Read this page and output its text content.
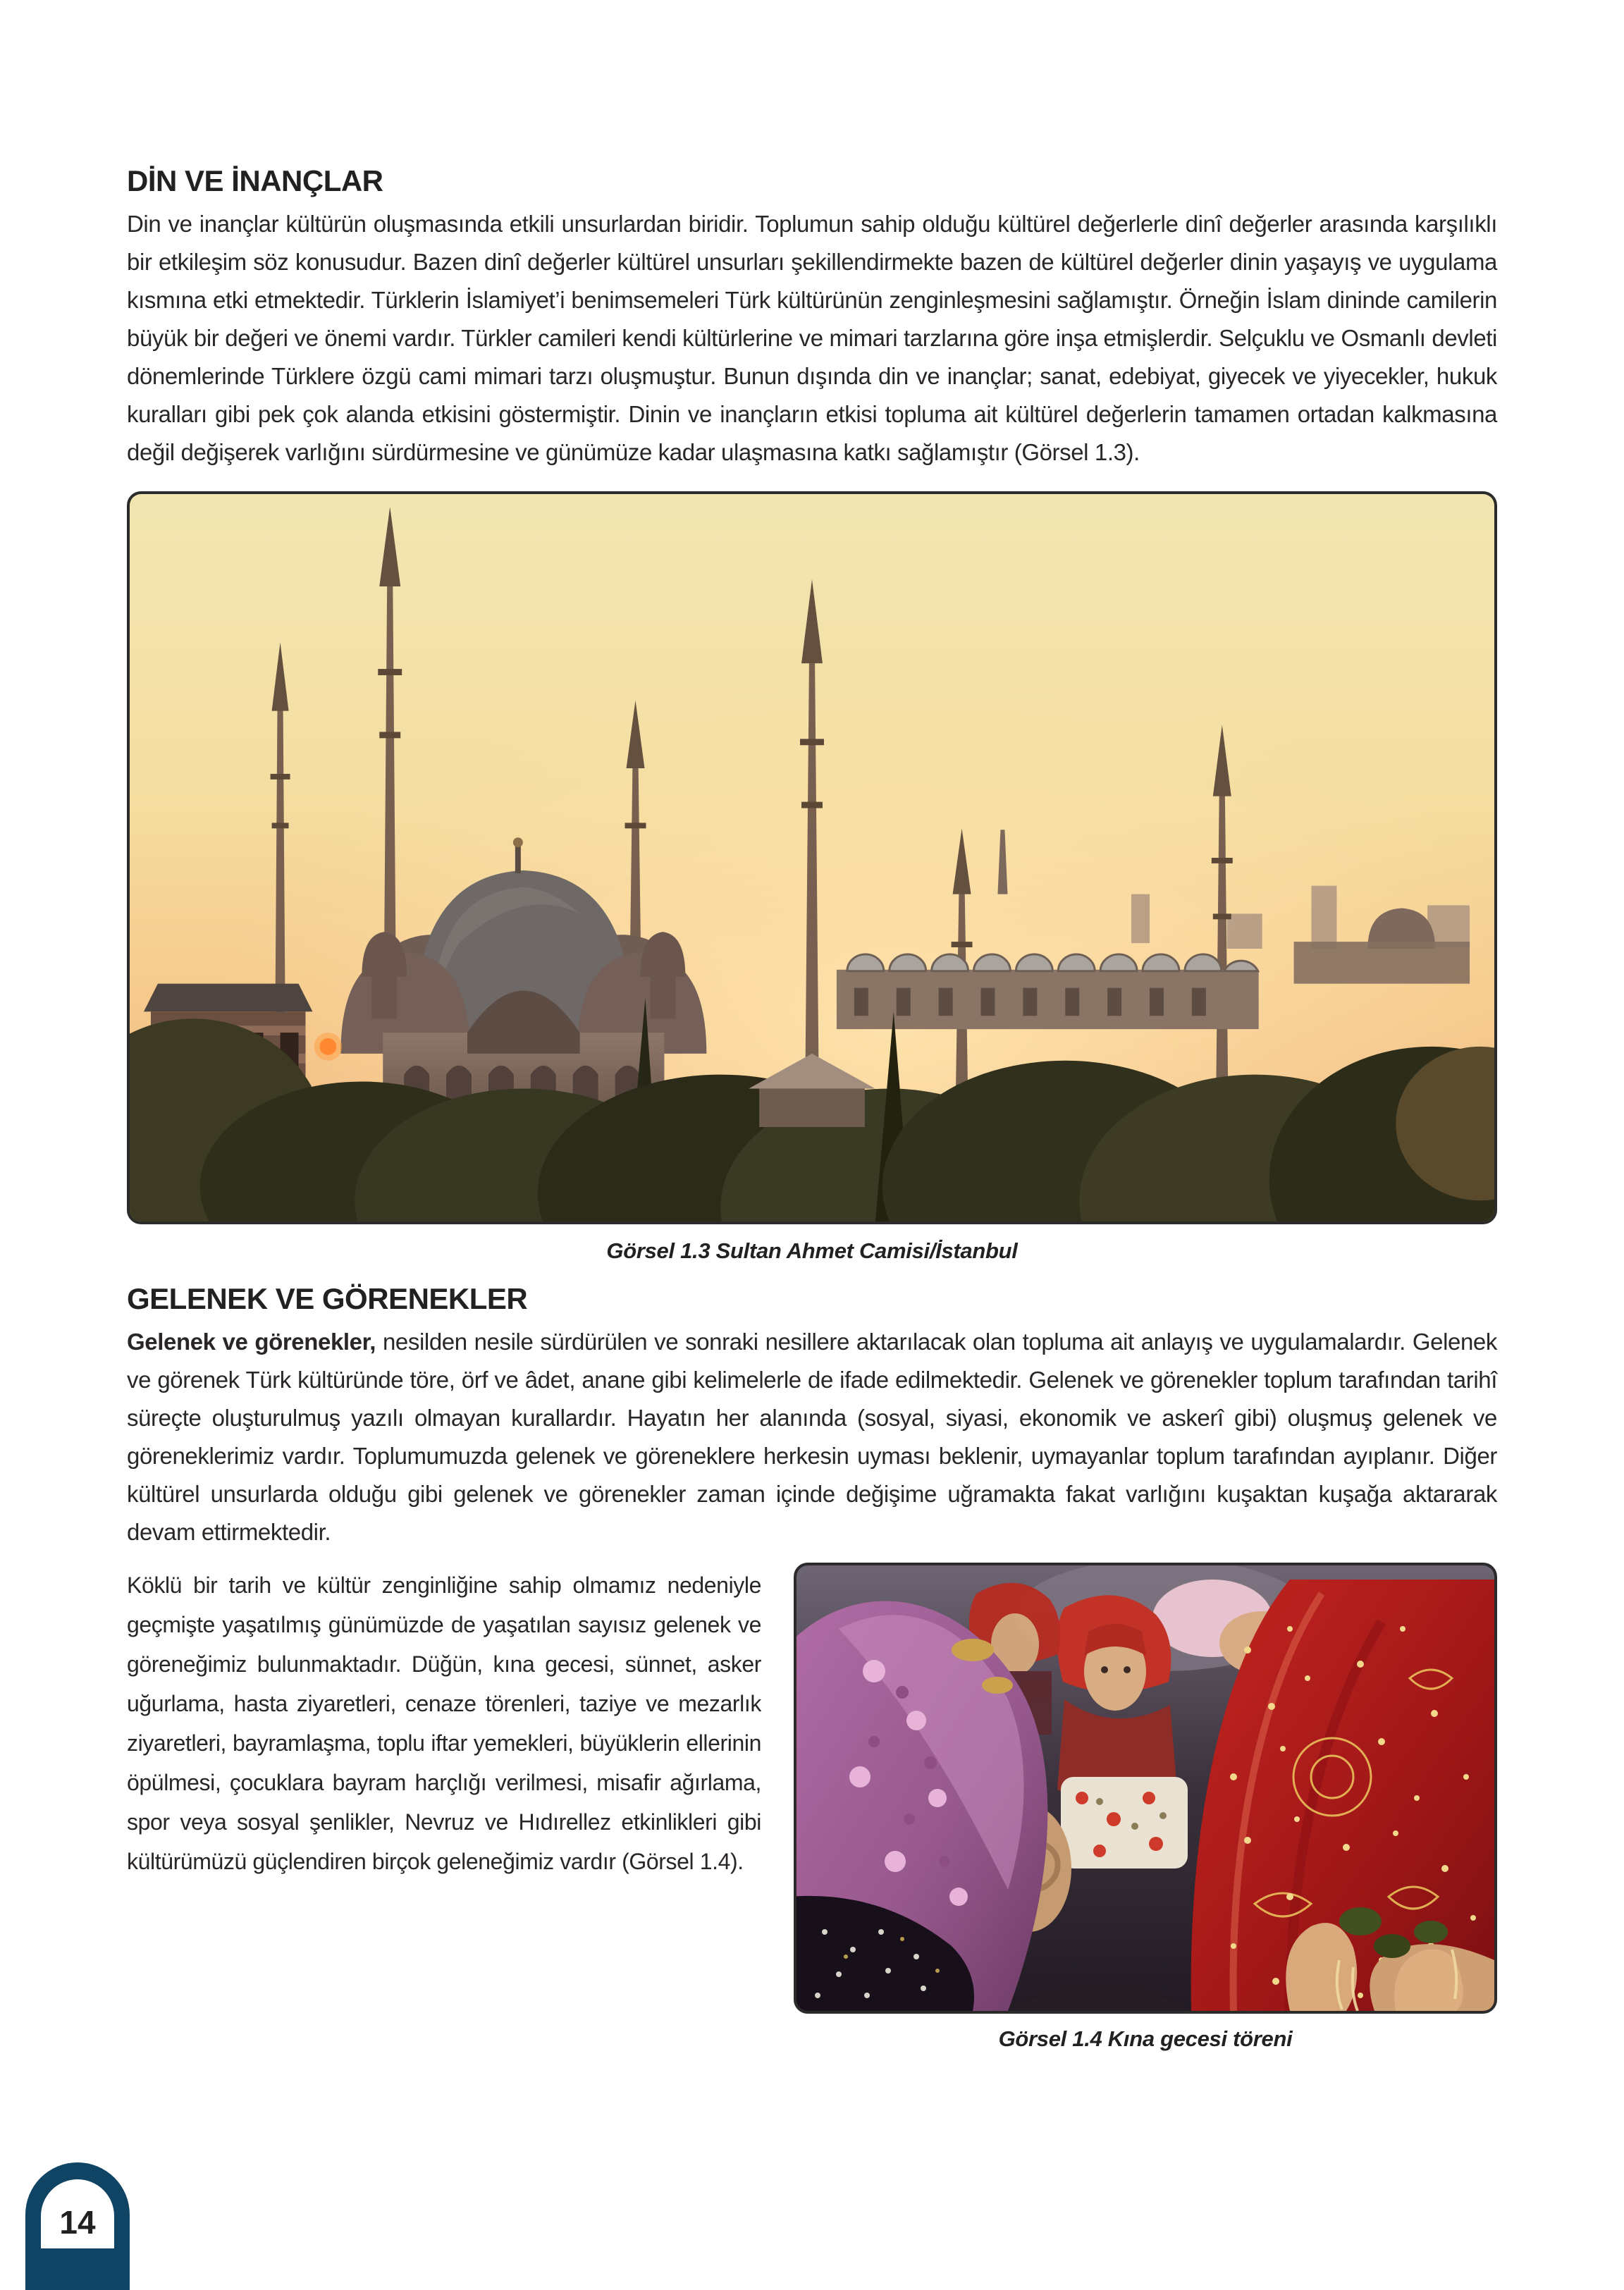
DİN VE İNANÇLAR

Din ve inançlar kültürün oluşmasında etkili unsurlardan biridir. Toplumun sahip olduğu kültürel değerlerle dinî değerler arasında karşılıklı bir etkileşim söz konusudur. Bazen dinî değerler kültürel unsurları şekillendirmekte bazen de kültürel değerler dinin yaşayış ve uygulama kısmına etki etmektedir. Türklerin İslamiyet’i benimsemeleri Türk kültürünün zenginleşmesini sağlamıştır. Örneğin İslam dininde camilerin büyük bir değeri ve önemi vardır. Türkler camileri kendi kültürlerine ve mimari tarzlarına göre inşa etmişlerdir. Selçuklu ve Osmanlı devleti dönemlerinde Türklere özgü cami mimari tarzı oluşmuştur. Bunun dışında din ve inançlar; sanat, edebiyat, giyecek ve yiyecekler, hukuk kuralları gibi pek çok alanda etkisini göstermiştir. Dinin ve inançların etkisi topluma ait kültürel değerlerin tamamen ortadan kalkmasına değil değişerek varlığını sürdürmesine ve günümüze kadar ulaşmasına katkı sağlamıştır (Görsel 1.3).

Görsel 1.3 Sultan Ahmet Camisi/İstanbul
GELENEK VE GÖRENEKLER

Gelenek ve görenekler, nesilden nesile sürdürülen ve sonraki nesillere aktarılacak olan topluma ait anlayış ve uygulamalardır. Gelenek ve görenek Türk kültüründe töre, örf ve âdet, anane gibi kelimelerle de ifade edilmektedir. Gelenek ve görenekler toplum tarafından tarihî süreçte oluşturulmuş yazılı olmayan kurallardır. Hayatın her alanında (sosyal, siyasi, ekonomik ve askerî gibi) oluşmuş gelenek ve göreneklerimiz vardır. Toplumumuzda gelenek ve göreneklere herkesin uyması beklenir, uymayanlar toplum tarafından ayıplanır. Diğer kültürel unsurlarda olduğu gibi gelenek ve görenekler zaman içinde değişime uğramakta fakat varlığını kuşaktan kuşağa aktararak devam ettirmektedir.

Köklü bir tarih ve kültür zenginliğine sahip olmamız nedeniyle geçmişte yaşatılmış günümüzde de yaşatılan sayısız gelenek ve göreneğimiz bulunmaktadır. Düğün, kına gecesi, sünnet, asker uğurlama, hasta ziyaretleri, cenaze törenleri, taziye ve mezarlık ziyaretleri, bayramlaşma, toplu iftar yemekleri, büyüklerin ellerinin öpülmesi, çocuklara bayram harçlığı verilmesi, misafir ağırlama, spor veya sosyal şenlikler, Nevruz ve Hıdırellez etkinlikleri gibi kültürümüzü güçlendiren birçok geleneğimiz vardır (Görsel 1.4).

Görsel 1.4 Kına gecesi töreni
14
